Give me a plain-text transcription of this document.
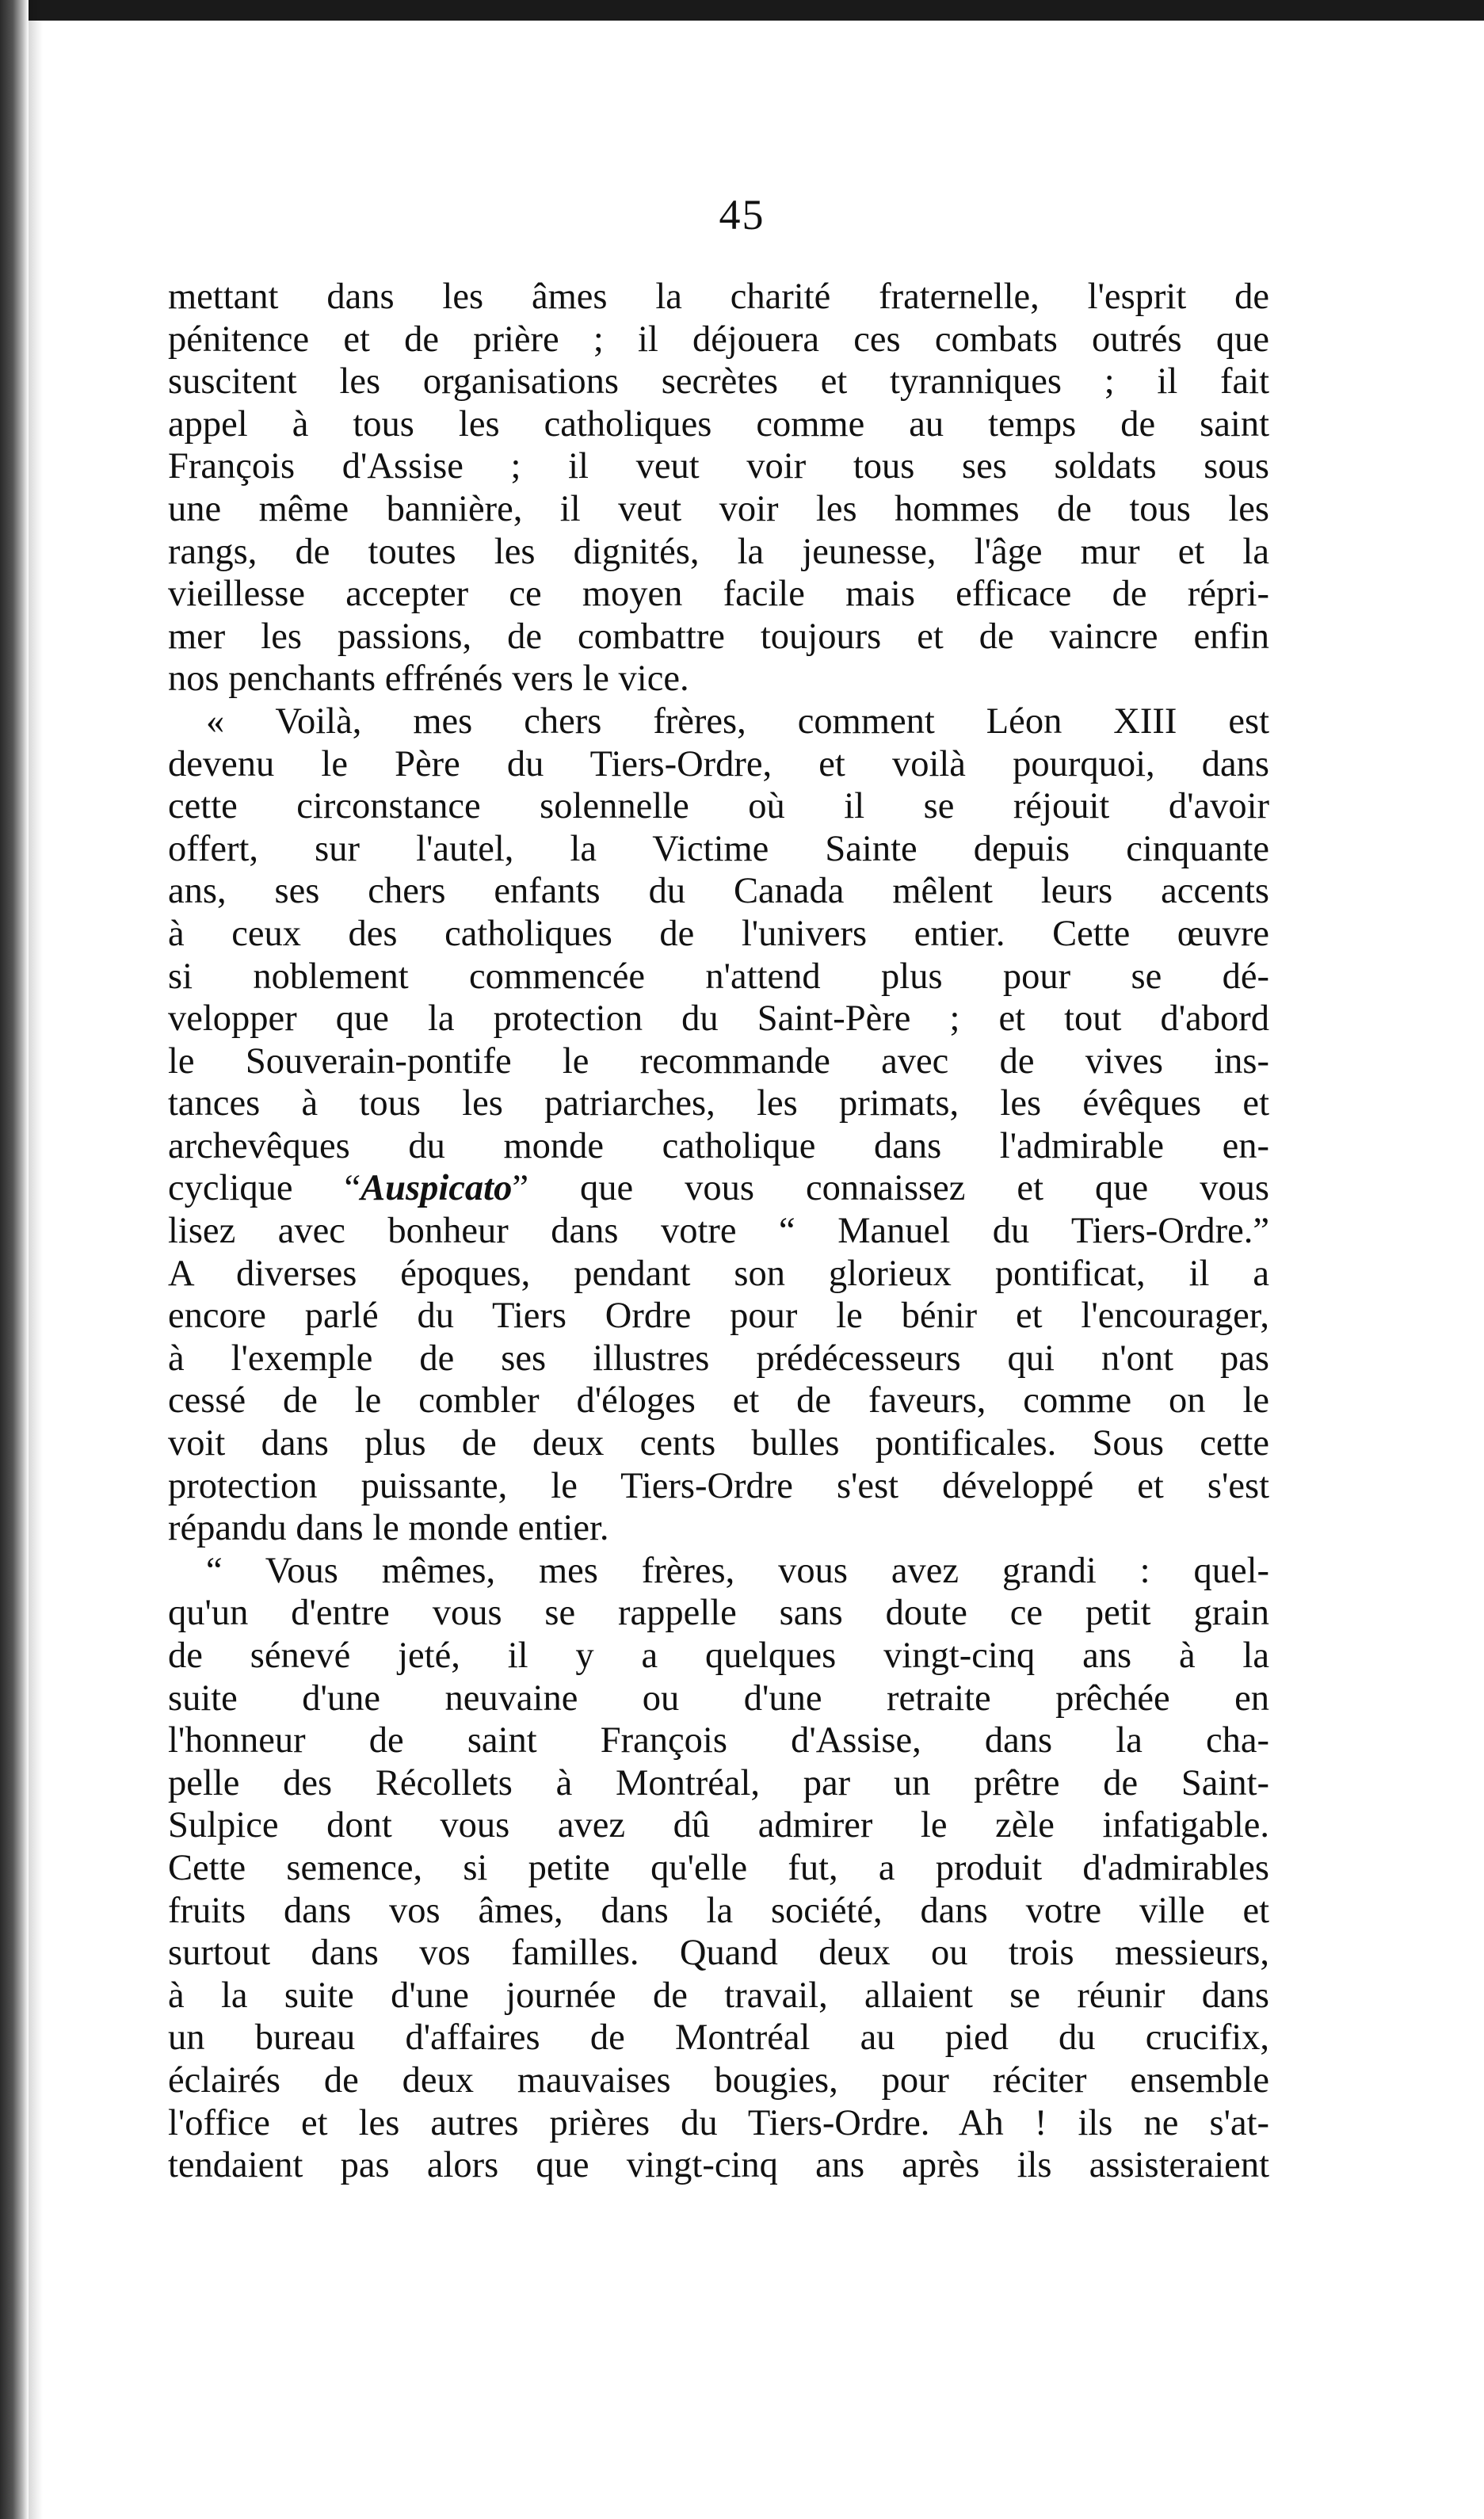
45
mettant dans les âmes la charité fraternelle, l'esprit de
pénitence et de prière ; il déjouera ces combats outrés que
suscitent les organisations secrètes et tyranniques ; il fait
appel à tous les catholiques comme au temps de saint
François d'Assise ; il veut voir tous ses soldats sous
une même bannière, il veut voir les hommes de tous les
rangs, de toutes les dignités, la jeunesse, l'âge mur et la
vieillesse accepter ce moyen facile mais efficace de répri-
mer les passions, de combattre toujours et de vaincre enfin
nos penchants effrénés vers le vice.
« Voilà, mes chers frères, comment Léon XIII est
devenu le Père du Tiers-Ordre, et voilà pourquoi, dans
cette circonstance solennelle où il se réjouit d'avoir
offert, sur l'autel, la Victime Sainte depuis cinquante
ans, ses chers enfants du Canada mêlent leurs accents
à ceux des catholiques de l'univers entier. Cette œuvre
si noblement commencée n'attend plus pour se dé-
velopper que la protection du Saint-Père ; et tout d'abord
le Souverain-pontife le recommande avec de vives ins-
tances à tous les patriarches, les primats, les évêques et
archevêques du monde catholique dans l'admirable en-
cyclique “Auspicato” que vous connaissez et que vous
lisez avec bonheur dans votre “ Manuel du Tiers-Ordre.”
A diverses époques, pendant son glorieux pontificat, il a
encore parlé du Tiers Ordre pour le bénir et l'encourager,
à l'exemple de ses illustres prédécesseurs qui n'ont pas
cessé de le combler d'éloges et de faveurs, comme on le
voit dans plus de deux cents bulles pontificales. Sous cette
protection puissante, le Tiers-Ordre s'est développé et s'est
répandu dans le monde entier.
“ Vous mêmes, mes frères, vous avez grandi : quel-
qu'un d'entre vous se rappelle sans doute ce petit grain
de sénevé jeté, il y a quelques vingt-cinq ans à la
suite d'une neuvaine ou d'une retraite prêchée en
l'honneur de saint François d'Assise, dans la cha-
pelle des Récollets à Montréal, par un prêtre de Saint-
Sulpice dont vous avez dû admirer le zèle infatigable.
Cette semence, si petite qu'elle fut, a produit d'admirables
fruits dans vos âmes, dans la société, dans votre ville et
surtout dans vos familles. Quand deux ou trois messieurs,
à la suite d'une journée de travail, allaient se réunir dans
un bureau d'affaires de Montréal au pied du crucifix,
éclairés de deux mauvaises bougies, pour réciter ensemble
l'office et les autres prières du Tiers-Ordre. Ah ! ils ne s'at-
tendaient pas alors que vingt-cinq ans après ils assisteraient
